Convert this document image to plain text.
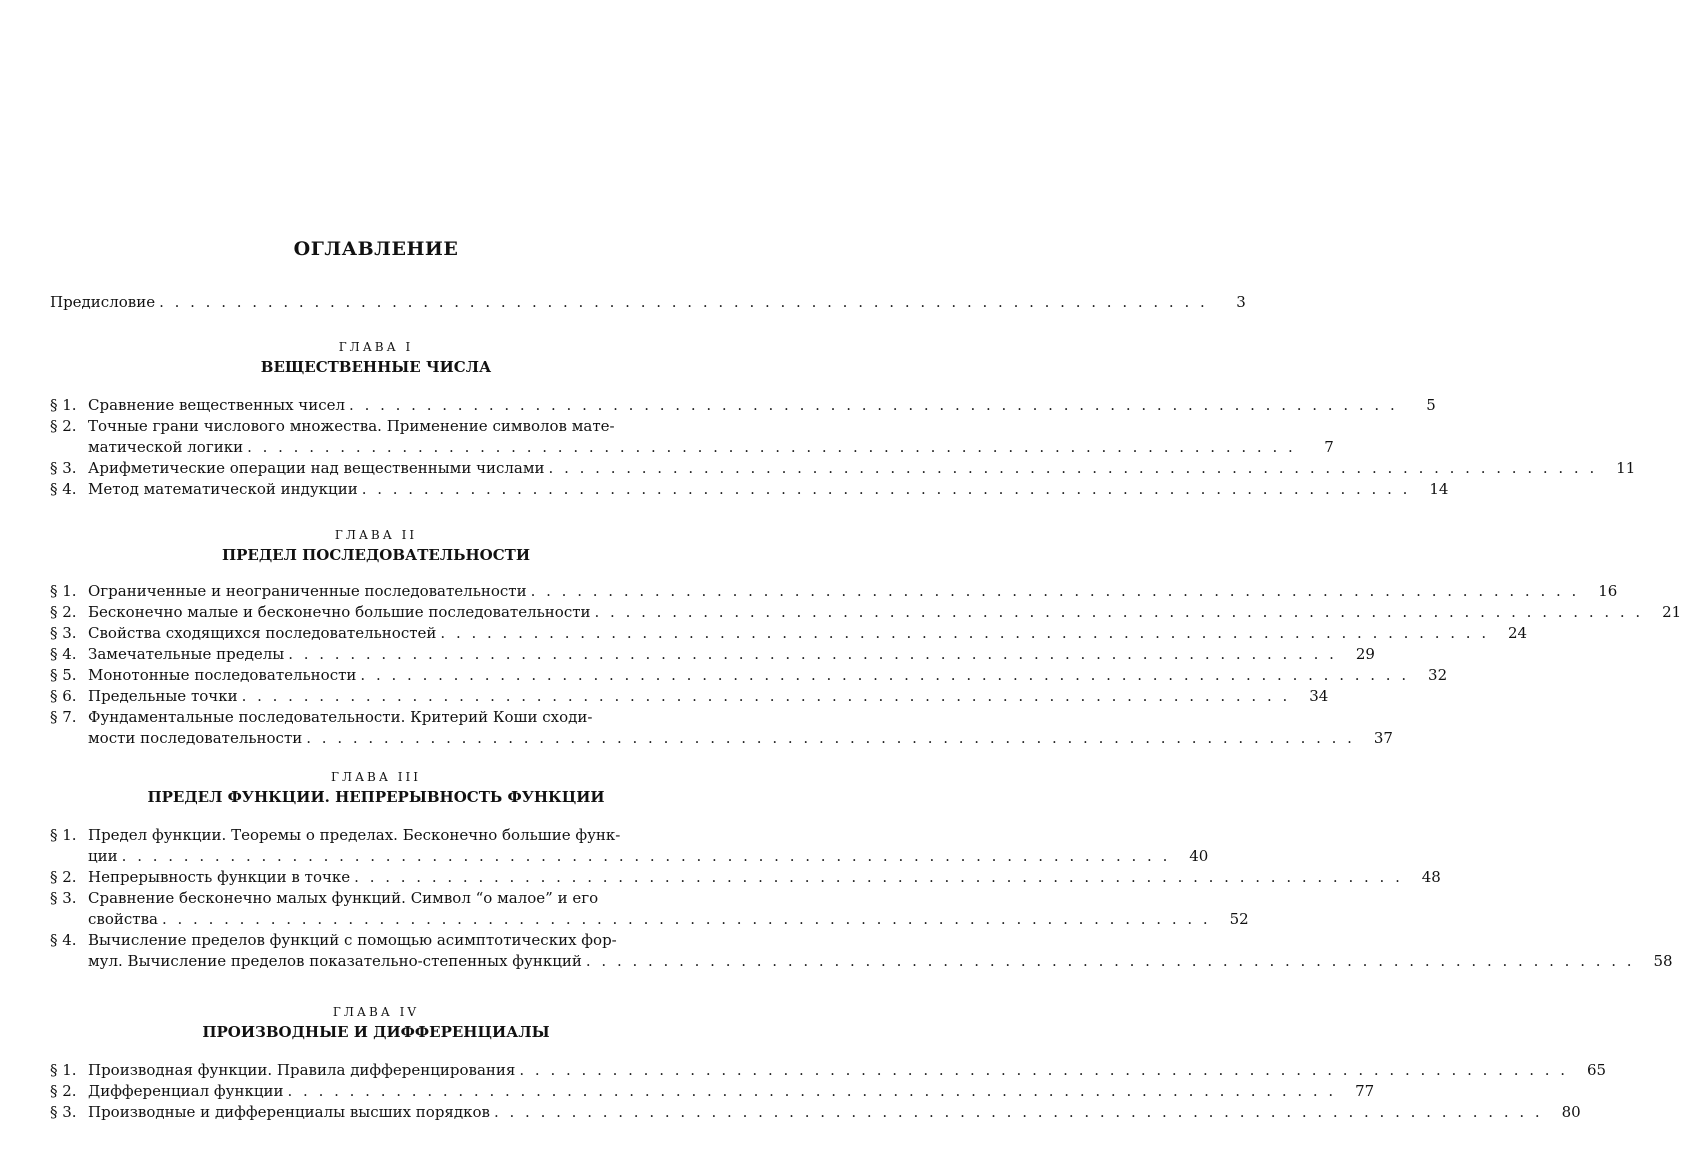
ОГЛАВЛЕНИЕ
Предисловие . . . . . . . . . . . . . . . . . . . . . . . . . . . . . . . . . . . . . . . . . . . . . . . . . . . . . . . . . . . . . . . . . . . .	3
ГЛАВА I
ВЕЩЕСТВЕННЫЕ ЧИСЛА
§ 1. Сравнение вещественных чисел . . . . . . . . . . . . . . . . . . . . . . . . . . . . . . . . . . . . . . . . . . . . . . . . . . . . . . . . . . . . . . . . . . . .	5
§ 2. Точные грани числового множества. Применение символов мате-
матической логики . . . . . . . . . . . . . . . . . . . . . . . . . . . . . . . . . . . . . . . . . . . . . . . . . . . . . . . . . . . . . . . . . . . .	7
§ 3. Арифметические операции над вещественными числами . . . . . . . . . . . . . . . . . . . . . . . . . . . . . . . . . . . . . . . . . . . . . . . . . . . . . . . . . . . . . . . . . . . .	11
§ 4. Метод математической индукции . . . . . . . . . . . . . . . . . . . . . . . . . . . . . . . . . . . . . . . . . . . . . . . . . . . . . . . . . . . . . . . . . . . .	14
ГЛАВА II
ПРЕДЕЛ ПОСЛЕДОВАТЕЛЬНОСТИ
§ 1. Ограниченные и неограниченные последовательности . . . . . . . . . . . . . . . . . . . . . . . . . . . . . . . . . . . . . . . . . . . . . . . . . . . . . . . . . . . . . . . . . . . .	16
§ 2. Бесконечно малые и бесконечно большие последовательности . . . . . . . . . . . . . . . . . . . . . . . . . . . . . . . . . . . . . . . . . . . . . . . . . . . . . . . . . . . . . . . . . . . .	21
§ 3. Свойства сходящихся последовательностей . . . . . . . . . . . . . . . . . . . . . . . . . . . . . . . . . . . . . . . . . . . . . . . . . . . . . . . . . . . . . . . . . . . .	24
§ 4. Замечательные пределы . . . . . . . . . . . . . . . . . . . . . . . . . . . . . . . . . . . . . . . . . . . . . . . . . . . . . . . . . . . . . . . . . . . .	29
§ 5. Монотонные последовательности . . . . . . . . . . . . . . . . . . . . . . . . . . . . . . . . . . . . . . . . . . . . . . . . . . . . . . . . . . . . . . . . . . . .	32
§ 6. Предельные точки . . . . . . . . . . . . . . . . . . . . . . . . . . . . . . . . . . . . . . . . . . . . . . . . . . . . . . . . . . . . . . . . . . . .	34
§ 7. Фундаментальные последовательности. Критерий Коши сходи-
мости последовательности . . . . . . . . . . . . . . . . . . . . . . . . . . . . . . . . . . . . . . . . . . . . . . . . . . . . . . . . . . . . . . . . . . . .	37
ГЛАВА III
ПРЕДЕЛ ФУНКЦИИ. НЕПРЕРЫВНОСТЬ ФУНКЦИИ
§ 1. Предел функции. Теоремы о пределах. Бесконечно большие функ-
ции . . . . . . . . . . . . . . . . . . . . . . . . . . . . . . . . . . . . . . . . . . . . . . . . . . . . . . . . . . . . . . . . . . . .	40
§ 2. Непрерывность функции в точке . . . . . . . . . . . . . . . . . . . . . . . . . . . . . . . . . . . . . . . . . . . . . . . . . . . . . . . . . . . . . . . . . . . .	48
§ 3. Сравнение бесконечно малых функций. Символ “о малое” и его
свойства . . . . . . . . . . . . . . . . . . . . . . . . . . . . . . . . . . . . . . . . . . . . . . . . . . . . . . . . . . . . . . . . . . . .	52
§ 4. Вычисление пределов функций с помощью асимптотических фор-
мул. Вычисление пределов показательно-степенных функций . . . . . . . . . . . . . . . . . . . . . . . . . . . . . . . . . . . . . . . . . . . . . . . . . . . . . . . . . . . . . . . . . . . .	58
ГЛАВА IV
ПРОИЗВОДНЫЕ И ДИФФЕРЕНЦИАЛЫ
§ 1. Производная функции. Правила дифференцирования . . . . . . . . . . . . . . . . . . . . . . . . . . . . . . . . . . . . . . . . . . . . . . . . . . . . . . . . . . . . . . . . . . . .	65
§ 2. Дифференциал функции . . . . . . . . . . . . . . . . . . . . . . . . . . . . . . . . . . . . . . . . . . . . . . . . . . . . . . . . . . . . . . . . . . . .	77
§ 3. Производные и дифференциалы высших порядков . . . . . . . . . . . . . . . . . . . . . . . . . . . . . . . . . . . . . . . . . . . . . . . . . . . . . . . . . . . . . . . . . . . .	80
